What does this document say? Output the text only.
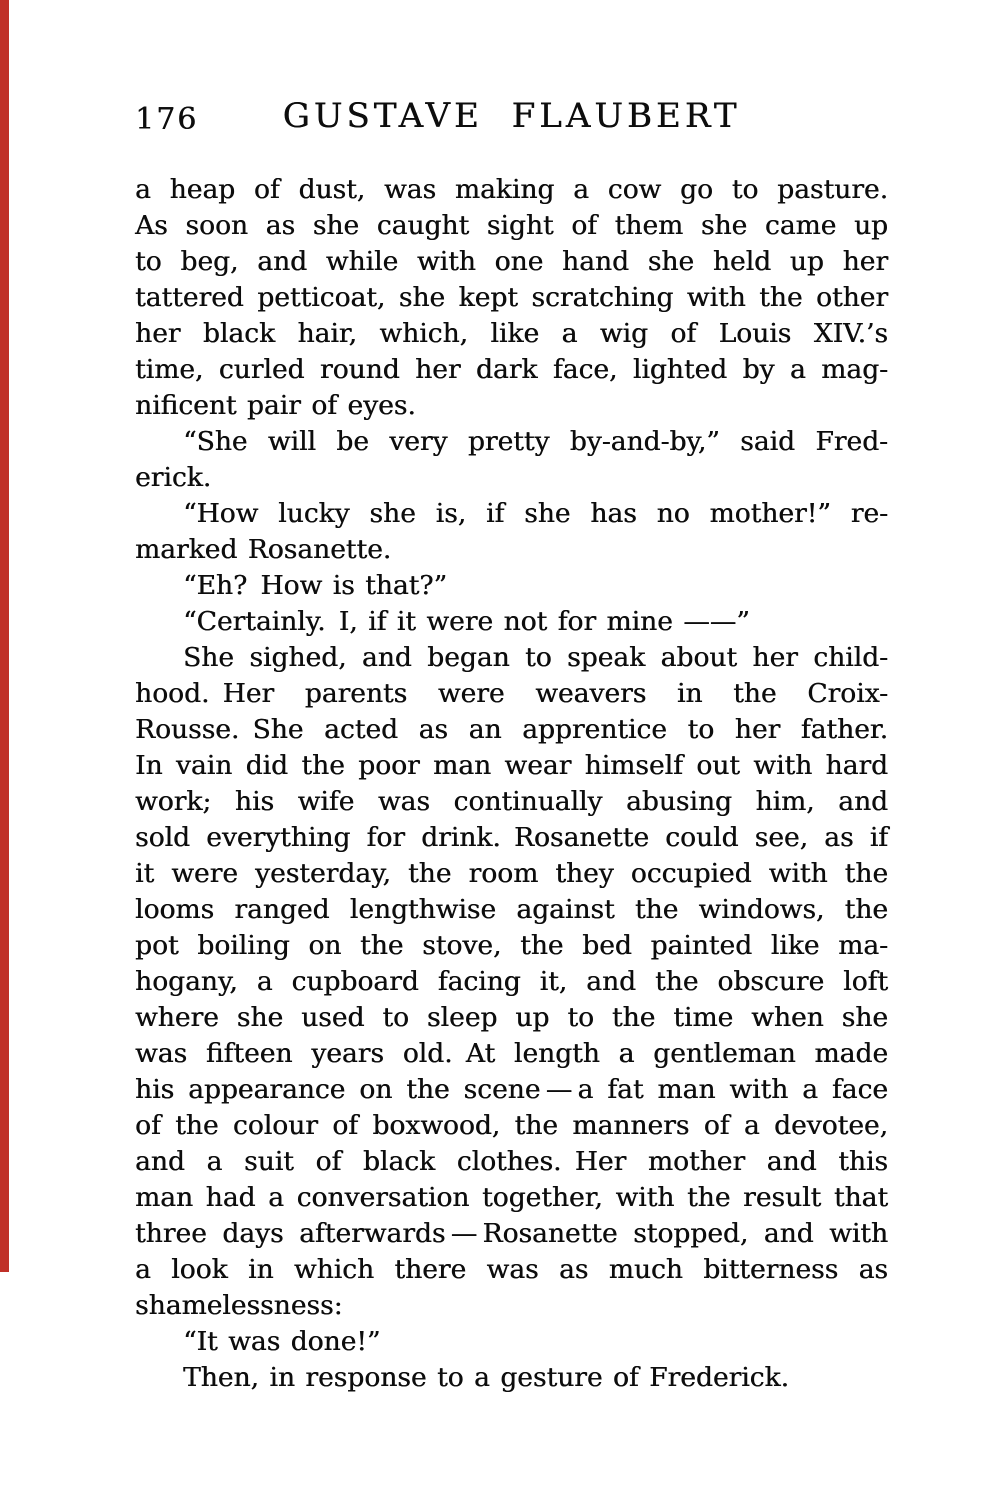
176	GUSTAVE FLAUBERT
a heap of dust, was making a cow go to pasture.
As soon as she caught sight of them she came up
to beg, and while with one hand she held up her
tattered petticoat, she kept scratching with the other
her black hair, which, like a wig of Louis XIV.’s
time, curled round her dark face, lighted by a mag-
nificent pair of eyes.
“She will be very pretty by-and-by,” said Fred-
erick.
“How lucky she is, if she has no mother!” re-
marked Rosanette.
“Eh? How is that?”
“Certainly. I, if it were not for mine ——”
She sighed, and began to speak about her child-
hood. Her parents were weavers in the Croix-
Rousse. She acted as an apprentice to her father.
In vain did the poor man wear himself out with hard
work; his wife was continually abusing him, and
sold everything for drink. Rosanette could see, as if
it were yesterday, the room they occupied with the
looms ranged lengthwise against the windows, the
pot boiling on the stove, the bed painted like ma-
hogany, a cupboard facing it, and the obscure loft
where she used to sleep up to the time when she
was fifteen years old. At length a gentleman made
his appearance on the scene — a fat man with a face
of the colour of boxwood, the manners of a devotee,
and a suit of black clothes. Her mother and this
man had a conversation together, with the result that
three days afterwards — Rosanette stopped, and with
a look in which there was as much bitterness as
shamelessness:
“It was done!”
Then, in response to a gesture of Frederick.
